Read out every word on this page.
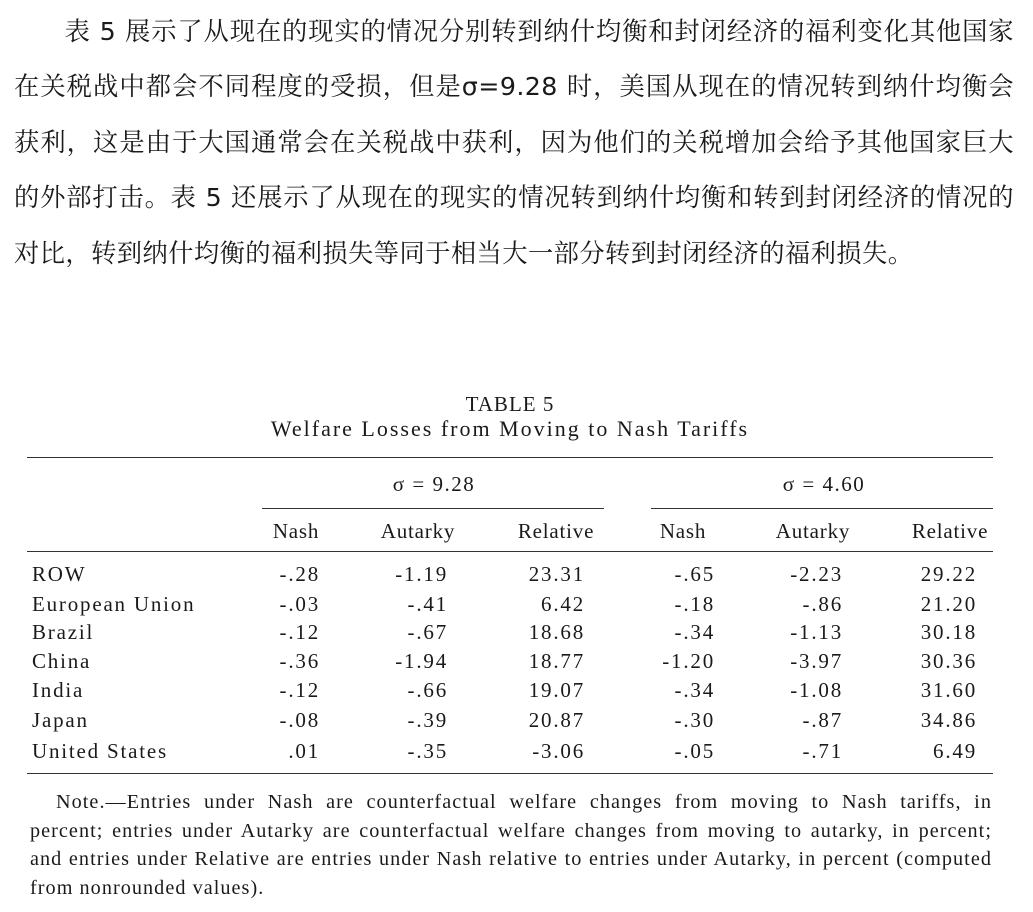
表 5 展示了从现在的现实的情况分别转到纳什均衡和封闭经济的福利变化其他国家在关税战中都会不同程度的受损，但是σ=9.28 时，美国从现在的情况转到纳什均衡会获利，这是由于大国通常会在关税战中获利，因为他们的关税增加会给予其他国家巨大的外部打击。表 5 还展示了从现在的现实的情况转到纳什均衡和转到封闭经济的情况的对比，转到纳什均衡的福利损失等同于相当大一部分转到封闭经济的福利损失。

TABLE 5
Welfare Losses from Moving to Nash Tariffs
σ = 9.28	σ = 4.60
Nash	Autarky	Relative	Nash	Autarky	Relative
ROW	-.28	-1.19	23.31	-.65	-2.23	29.22
European Union	-.03	-.41	6.42	-.18	-.86	21.20
Brazil	-.12	-.67	18.68	-.34	-1.13	30.18
China	-.36	-1.94	18.77	-1.20	-3.97	30.36
India	-.12	-.66	19.07	-.34	-1.08	31.60
Japan	-.08	-.39	20.87	-.30	-.87	34.86
United States	.01	-.35	-3.06	-.05	-.71	6.49

Note.—Entries under Nash are counterfactual welfare changes from moving to Nash tariffs, in percent; entries under Autarky are counterfactual welfare changes from moving to autarky, in percent; and entries under Relative are entries under Nash relative to entries under Autarky, in percent (computed from nonrounded values).
